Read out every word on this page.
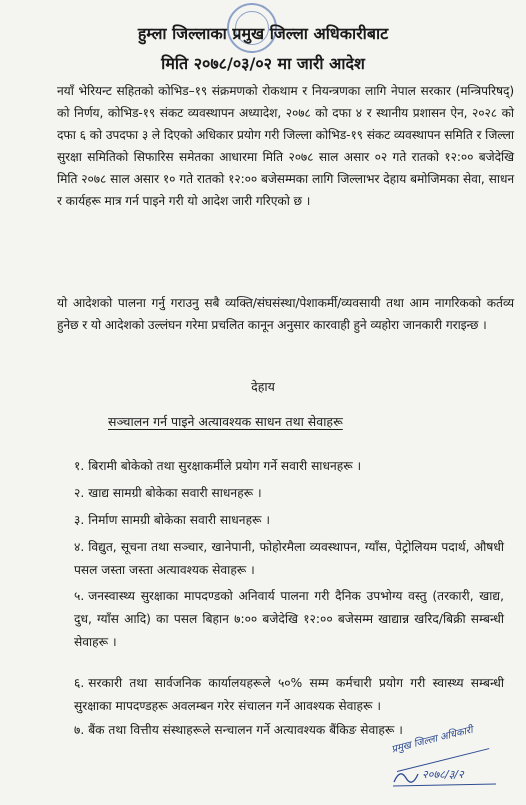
हुम्ला जिल्लाका प्रमुख जिल्ला अधिकारीबाट
मिति २०७८/०३/०२ मा जारी आदेश
नयाँ भेरियन्ट सहितको कोभिड–१९ संक्रमणको रोकथाम र नियन्त्रणका लागि नेपाल सरकार (मन्त्रिपरिषद्) को निर्णय, कोभिड-१९ संकट व्यवस्थापन अध्यादेश, २०७८ को दफा ४ र स्थानीय प्रशासन ऐन, २०२८ को दफा ६ को उपदफा ३ ले दिएको अधिकार प्रयोग गरी जिल्ला कोभिड-१९ संकट व्यवस्थापन समिति र जिल्ला सुरक्षा समितिको सिफारिस समेतका आधारमा मिति २०७८ साल असार ०२ गते रातको १२:०० बजेदेखि मिति २०७८ साल असार १० गते रातको १२:०० बजेसम्मका लागि जिल्लाभर देहाय बमोजिमका सेवा, साधन र कार्यहरू मात्र गर्न पाइने गरी यो आदेश जारी गरिएको छ ।
यो आदेशको पालना गर्नु गराउनु सबै व्यक्ति/संघसंस्था/पेशाकर्मी/व्यवसायी तथा आम नागरिकको कर्तव्य हुनेछ र यो आदेशको उल्लंघन गरेमा प्रचलित कानून अनुसार कारवाही हुने व्यहोरा जानकारी गराइन्छ ।
देहाय
सञ्चालन गर्न पाइने अत्यावश्यक साधन तथा सेवाहरू
१. बिरामी बोकेको तथा सुरक्षाकर्मीले प्रयोग गर्ने सवारी साधनहरू ।
२. खाद्य सामग्री बोकेका सवारी साधनहरू ।
३. निर्माण सामग्री बोकेका सवारी साधनहरू ।
४. विद्युत, सूचना तथा सञ्चार, खानेपानी, फोहोरमैला व्यवस्थापन, ग्याँस, पेट्रोलियम पदार्थ, औषधी पसल जस्ता जस्ता अत्यावश्यक सेवाहरू ।
५. जनस्वास्थ्य सुरक्षाका मापदण्डको अनिवार्य पालना गरी दैनिक उपभोग्य वस्तु (तरकारी, खाद्य, दुध, ग्याँस आदि) का पसल बिहान ७:०० बजेदेखि १२:०० बजेसम्म खाद्यान्न खरिद/बिक्री सम्बन्धी सेवाहरू ।
६. सरकारी तथा सार्वजनिक कार्यालयहरूले ५०% सम्म कर्मचारी प्रयोग गरी स्वास्थ्य सम्बन्धी सुरक्षाका मापदण्डहरू अवलम्बन गरेर संचालन गर्ने आवश्यक सेवाहरू ।
७. बैंक तथा वित्तीय संस्थाहरूले सन्चालन गर्ने अत्यावश्यक बैंकिङ सेवाहरू ।
प्रमुख जिल्ला अधिकारी
२०७८/३/२
